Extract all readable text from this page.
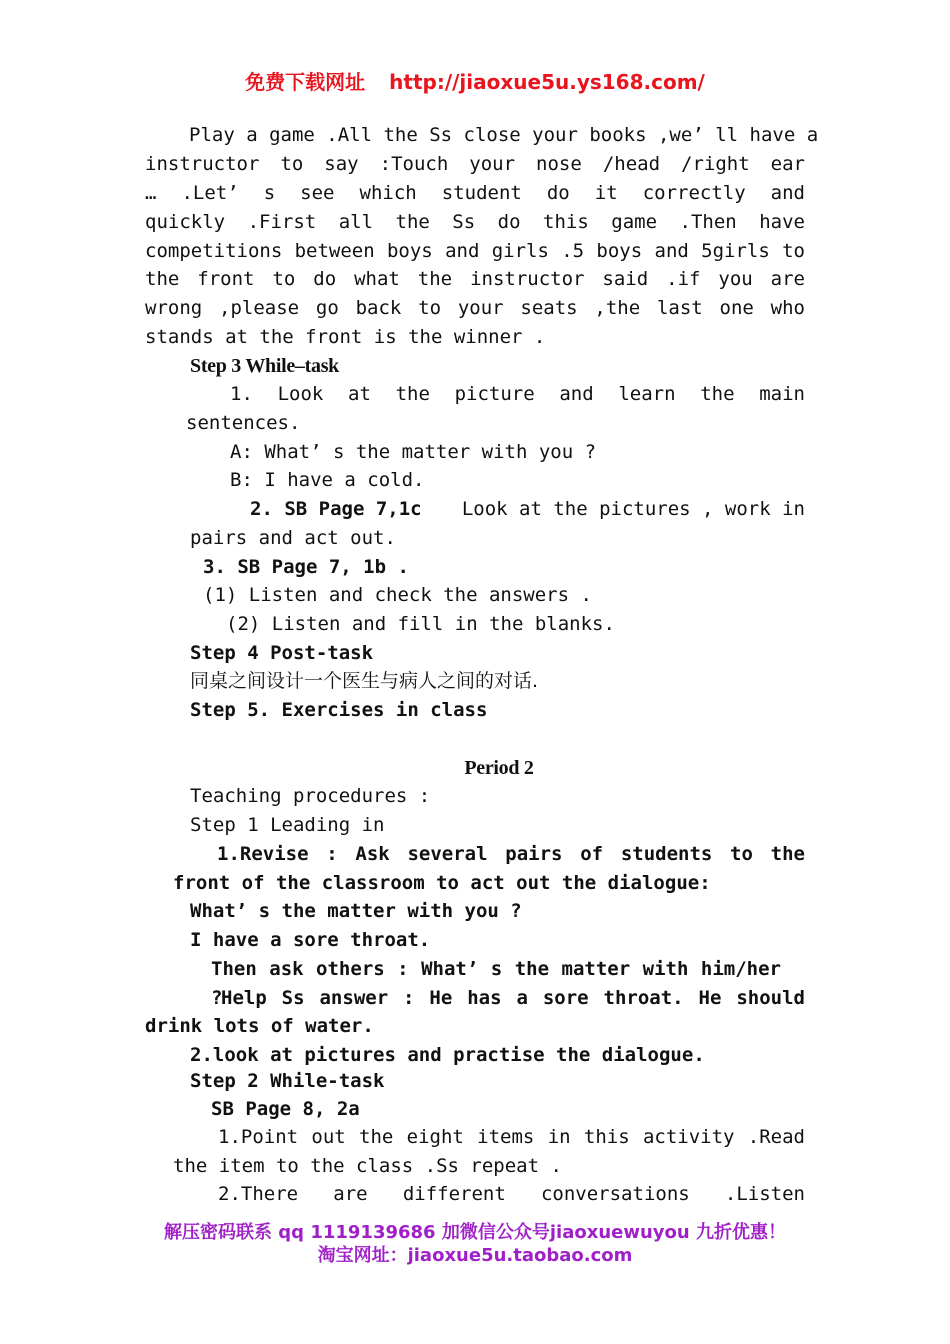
免费下载网址 http://jiaoxue5u.ys168.com/
Play a game .All the Ss close your books ,we’ ll have a
instructor to say :Touch your nose /head /right ear
… .Let’ s see which student do it correctly and
quickly .First all the Ss do this game .Then have
competitions between boys and girls .5 boys and 5girls to
the front to do what the instructor said .if you are
wrong ,please go back to your seats ,the last one who
stands at the front is the winner .
Step 3 While–task
1. Look at the picture and learn the main
sentences.
A: What’ s the matter with you ?
B: I have a cold.
2. SB Page 7,1c Look at the pictures , work in
pairs and act out.
3. SB Page 7, 1b .
(1) Listen and check the answers .
(2) Listen and fill in the blanks.
Step 4 Post-task
同桌之间设计一个医生与病人之间的对话.
Step 5. Exercises in class
Period 2
Teaching procedures :
Step 1 Leading in
1.Revise : Ask several pairs of students to the
front of the classroom to act out the dialogue:
What’ s the matter with you ?
I have a sore throat.
Then ask others : What’ s the matter with him/her ?
Help Ss answer : He has a sore throat. He should
drink lots of water.
2.look at pictures and practise the dialogue.
Step 2 While-task
SB Page 8, 2a
1.Point out the eight items in this activity .Read
the item to the class .Ss repeat .
2.There are different conversations .Listen
解压密码联系 qq 1119139686 加微信公众号jiaoxuewuyou 九折优惠！
淘宝网址：jiaoxue5u.taobao.com
